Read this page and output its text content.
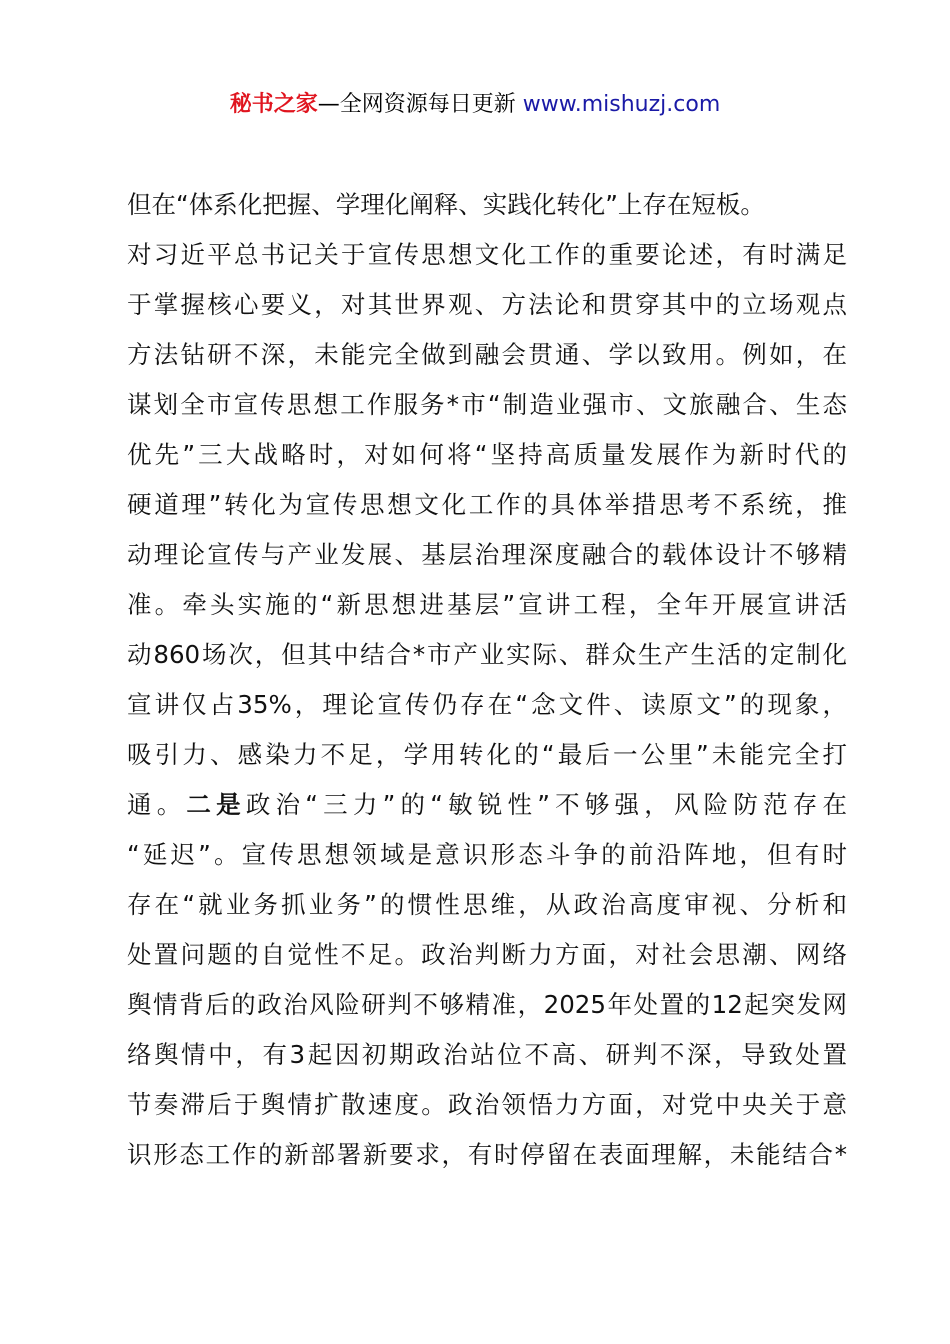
秘书之家—全网资源每日更新 www.mishuzj.com
但在“体系化把握、学理化阐释、实践化转化”上存在短板。
对习近平总书记关于宣传思想文化工作的重要论述，有时满足
于掌握核心要义，对其世界观、方法论和贯穿其中的立场观点
方法钻研不深，未能完全做到融会贯通、学以致用。例如，在
谋划全市宣传思想工作服务*市“制造业强市、文旅融合、生态
优先”三大战略时，对如何将“坚持高质量发展作为新时代的
硬道理”转化为宣传思想文化工作的具体举措思考不系统，推
动理论宣传与产业发展、基层治理深度融合的载体设计不够精
准。牵头实施的“新思想进基层”宣讲工程，全年开展宣讲活
动860场次，但其中结合*市产业实际、群众生产生活的定制化
宣讲仅占35%，理论宣传仍存在“念文件、读原文”的现象，
吸引力、感染力不足，学用转化的“最后一公里”未能完全打
通。二是政治“三力”的“敏锐性”不够强，风险防范存在
“延迟”。宣传思想领域是意识形态斗争的前沿阵地，但有时
存在“就业务抓业务”的惯性思维，从政治高度审视、分析和
处置问题的自觉性不足。政治判断力方面，对社会思潮、网络
舆情背后的政治风险研判不够精准，2025年处置的12起突发网
络舆情中，有3起因初期政治站位不高、研判不深，导致处置
节奏滞后于舆情扩散速度。政治领悟力方面，对党中央关于意
识形态工作的新部署新要求，有时停留在表面理解，未能结合*
